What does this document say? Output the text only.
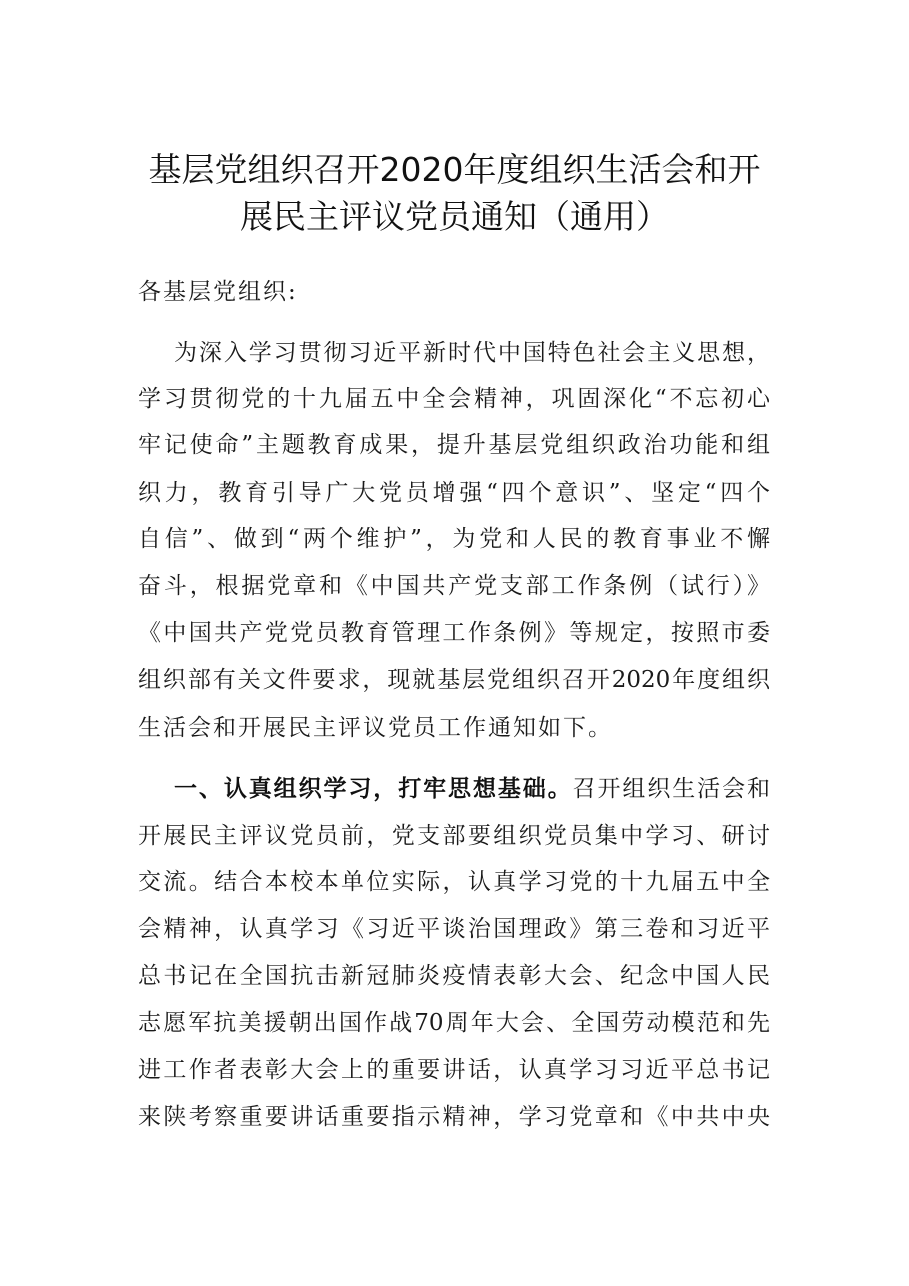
基层党组织召开2020年度组织生活会和开
展民主评议党员通知（通用）
各基层党组织:
为深入学习贯彻习近平新时代中国特色社会主义思想，
学习贯彻党的十九届五中全会精神，巩固深化“不忘初心
牢记使命”主题教育成果，提升基层党组织政治功能和组
织力，教育引导广大党员增强“四个意识”、坚定“四个
自信”、做到“两个维护”，为党和人民的教育事业不懈
奋斗，根据党章和《中国共产党支部工作条例（试行）》
《中国共产党党员教育管理工作条例》等规定，按照市委
组织部有关文件要求，现就基层党组织召开2020年度组织
生活会和开展民主评议党员工作通知如下。
一、认真组织学习，打牢思想基础。召开组织生活会和
开展民主评议党员前，党支部要组织党员集中学习、研讨
交流。结合本校本单位实际，认真学习党的十九届五中全
会精神，认真学习《习近平谈治国理政》第三卷和习近平
总书记在全国抗击新冠肺炎疫情表彰大会、纪念中国人民
志愿军抗美援朝出国作战70周年大会、全国劳动模范和先
进工作者表彰大会上的重要讲话，认真学习习近平总书记
来陕考察重要讲话重要指示精神，学习党章和《中共中央
